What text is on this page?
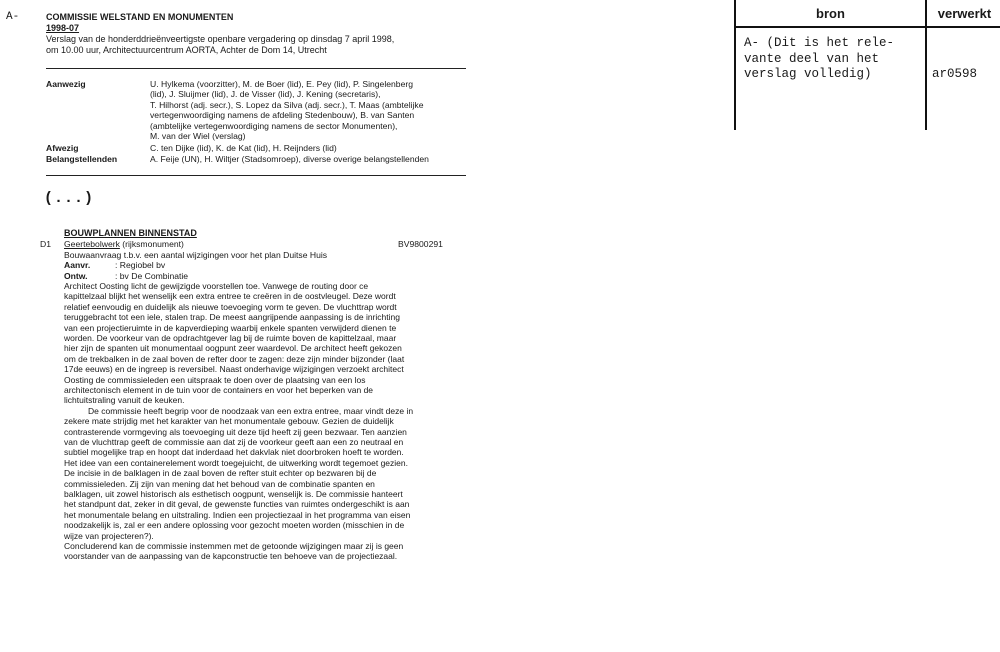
A-	COMMISSIE WELSTAND EN MONUMENTEN
1998-07
Verslag van de honderddrieënveertigste openbare vergadering op dinsdag 7 april 1998,
om 10.00 uur, Architectuurcentrum AORTA, Achter de Dom 14, Utrecht
Aanwezig	U. Hylkema (voorzitter), M. de Boer (lid), E. Pey (lid), P. Singelenberg
(lid), J. Sluijmer (lid), J. de Visser (lid), J. Kening (secretaris),
T. Hilhorst (adj. secr.), S. Lopez da Silva (adj. secr.), T. Maas (ambtelijke
vertegenwoordiging namens de afdeling Stedenbouw), B. van Santen
(ambtelijke vertegenwoordiging namens de sector Monumenten),
M. van der Wiel (verslag)
Afwezig	C. ten Dijke (lid), K. de Kat (lid), H. Reijnders (lid)
Belangstellenden	A. Feije (UN), H. Wiltjer (Stadsomroep), diverse overige belangstellenden
(...)
BOUWPLANNEN BINNENSTAD
D1 Geertebolwerk (rijksmonument)	BV9800291
Bouwaanvraag t.b.v. een aantal wijzigingen voor het plan Duitse Huis
Aanvr.	: Regiobel bv
Ontw.	: bv De Combinatie
Architect Oosting licht de gewijzigde voorstellen toe. Vanwege de routing door ce
kapittelzaal blijkt het wenselijk een extra entree te creëren in de oostvleugel. Deze wordt
relatief eenvoudig en duidelijk als nieuwe toevoeging vorm te geven. De vluchttrap wordt
teruggebracht tot een iele, stalen trap. De meest aangrijpende aanpassing is de inrichting
van een projectieruimte in de kapverdieping waarbij enkele spanten verwijderd dienen te
worden. De voorkeur van de opdrachtgever lag bij de ruimte boven de kapittelzaal, maar
hier zijn de spanten uit monumentaal oogpunt zeer waardevol. De architect heeft gekozen
om de trekbalken in de zaal boven de refter door te zagen: deze zijn minder bijzonder (laat
17de eeuws) en de ingreep is reversibel. Naast onderhavige wijzigingen verzoekt architect
Oosting de commissieleden een uitspraak te doen over de plaatsing van een los
architectonisch element in de tuin voor de containers en voor het beperken van de
lichtuitstraling vanuit de keuken.
De commissie heeft begrip voor de noodzaak van een extra entree, maar vindt deze in
zekere mate strijdig met het karakter van het monumentale gebouw. Gezien de duidelijk
contrasterende vormgeving als toevoeging uit deze tijd heeft zij geen bezwaar. Ten aanzien
van de vluchttrap geeft de commissie aan dat zij de voorkeur geeft aan een zo neutraal en
subtiel mogelijke trap en hoopt dat inderdaad het dakvlak niet doorbroken hoeft te worden.
Het idee van een containerelement wordt toegejuicht, de uitwerking wordt tegemoet gezien.
De incisie in de balklagen in de zaal boven de refter stuit echter op bezwaren bij de
commissieleden. Zij zijn van mening dat het behoud van de combinatie spanten en
balklagen, uit zowel historisch als esthetisch oogpunt, wenselijk is. De commissie hanteert
het standpunt dat, zeker in dit geval, de gewenste functies van ruimtes ondergeschikt is aan
het monumentale belang en uitstraling. Indien een projectiezaal in het programma van eisen
noodzakelijk is, zal er een andere oplossing voor gezocht moeten worden (misschien in de
wijze van projecteren?).
Concluderend kan de commissie instemmen met de getoonde wijzigingen maar zij is geen
voorstander van de aanpassing van de kapconstructie ten behoeve van de projectiezaal.
bron	verwerkt
A- (Dit is het rele-
vante deel van het
verslag volledig)	ar0598
